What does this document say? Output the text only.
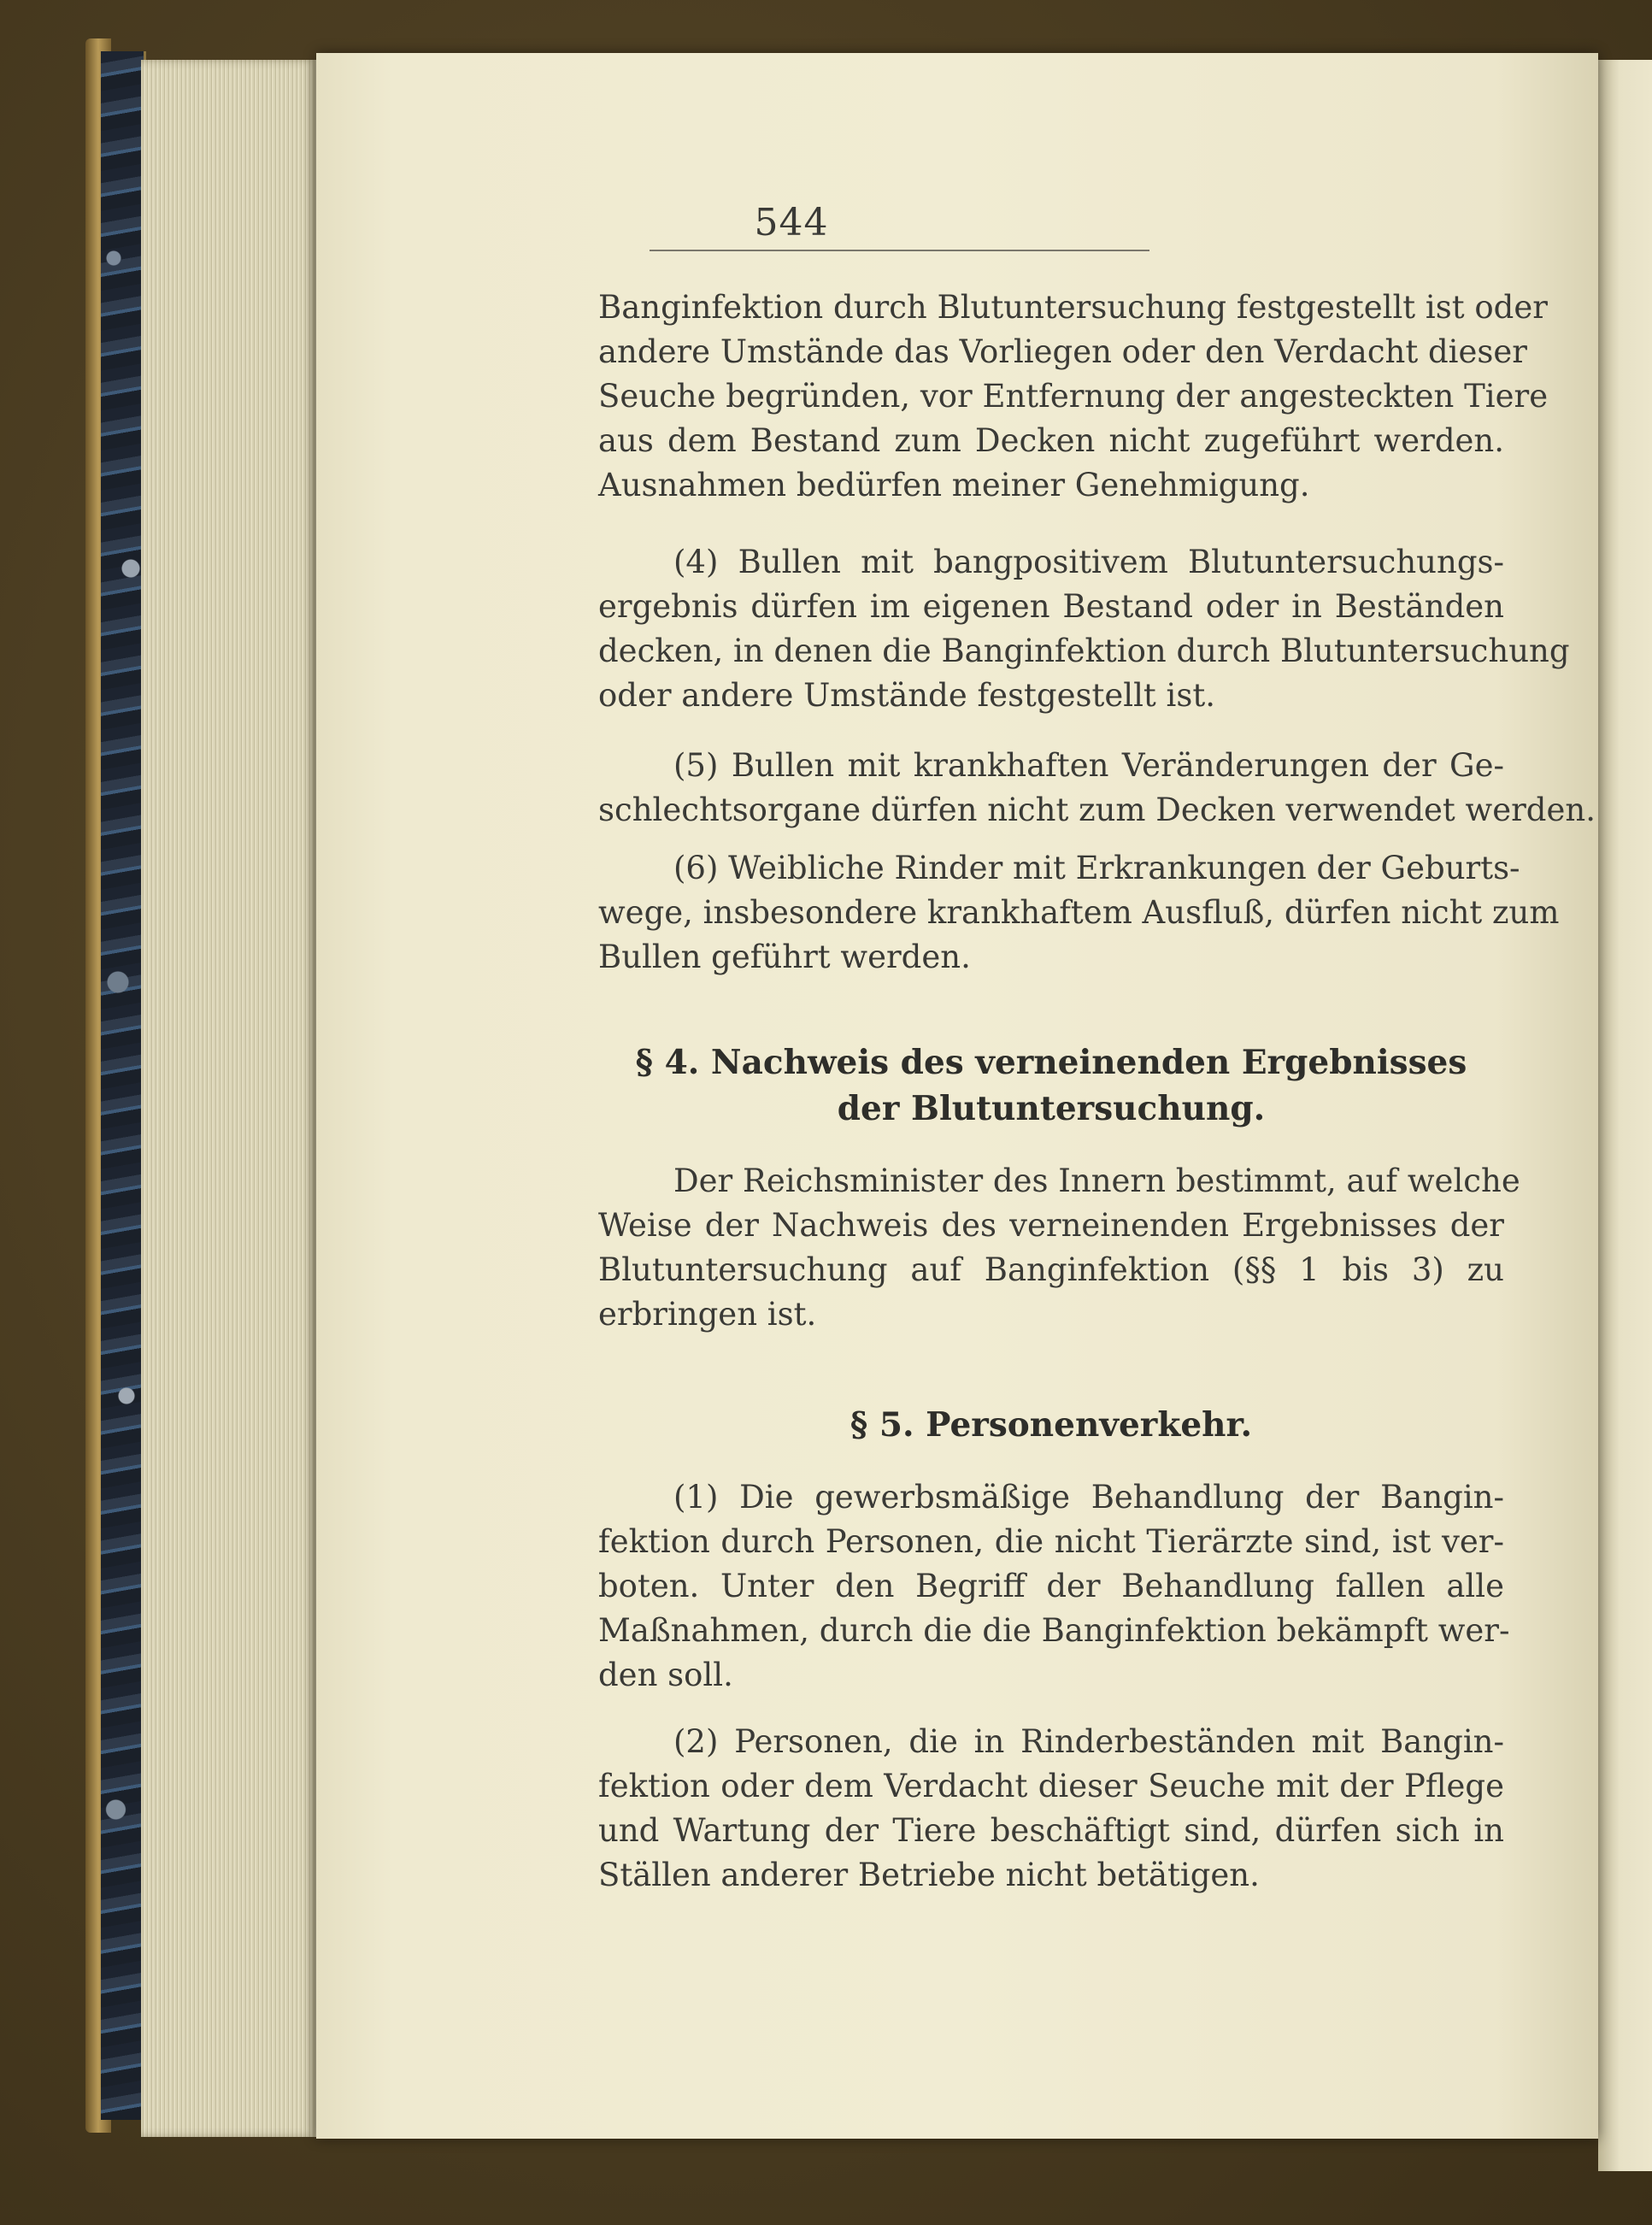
544
Banginfektion durch Blutuntersuchung festgestellt ist oder
andere Umstände das Vorliegen oder den Verdacht dieser
Seuche begründen, vor Entfernung der angesteckten Tiere
aus dem Bestand zum Decken nicht zugeführt werden.
Ausnahmen bedürfen meiner Genehmigung.
(4) Bullen mit bangpositivem Blutuntersuchungs-
ergebnis dürfen im eigenen Bestand oder in Beständen
decken, in denen die Banginfektion durch Blutuntersuchung
oder andere Umstände festgestellt ist.
(5) Bullen mit krankhaften Veränderungen der Ge-
schlechtsorgane dürfen nicht zum Decken verwendet werden.
(6) Weibliche Rinder mit Erkrankungen der Geburts-
wege, insbesondere krankhaftem Ausfluß, dürfen nicht zum
Bullen geführt werden.
§ 4. Nachweis des verneinenden Ergebnisses
der Blutuntersuchung.
Der Reichsminister des Innern bestimmt, auf welche
Weise der Nachweis des verneinenden Ergebnisses der
Blutuntersuchung auf Banginfektion (§§ 1 bis 3) zu
erbringen ist.
§ 5. Personenverkehr.
(1) Die gewerbsmäßige Behandlung der Bangin-
fektion durch Personen, die nicht Tierärzte sind, ist ver-
boten. Unter den Begriff der Behandlung fallen alle
Maßnahmen, durch die die Banginfektion bekämpft wer-
den soll.
(2) Personen, die in Rinderbeständen mit Bangin-
fektion oder dem Verdacht dieser Seuche mit der Pflege
und Wartung der Tiere beschäftigt sind, dürfen sich in
Ställen anderer Betriebe nicht betätigen.
